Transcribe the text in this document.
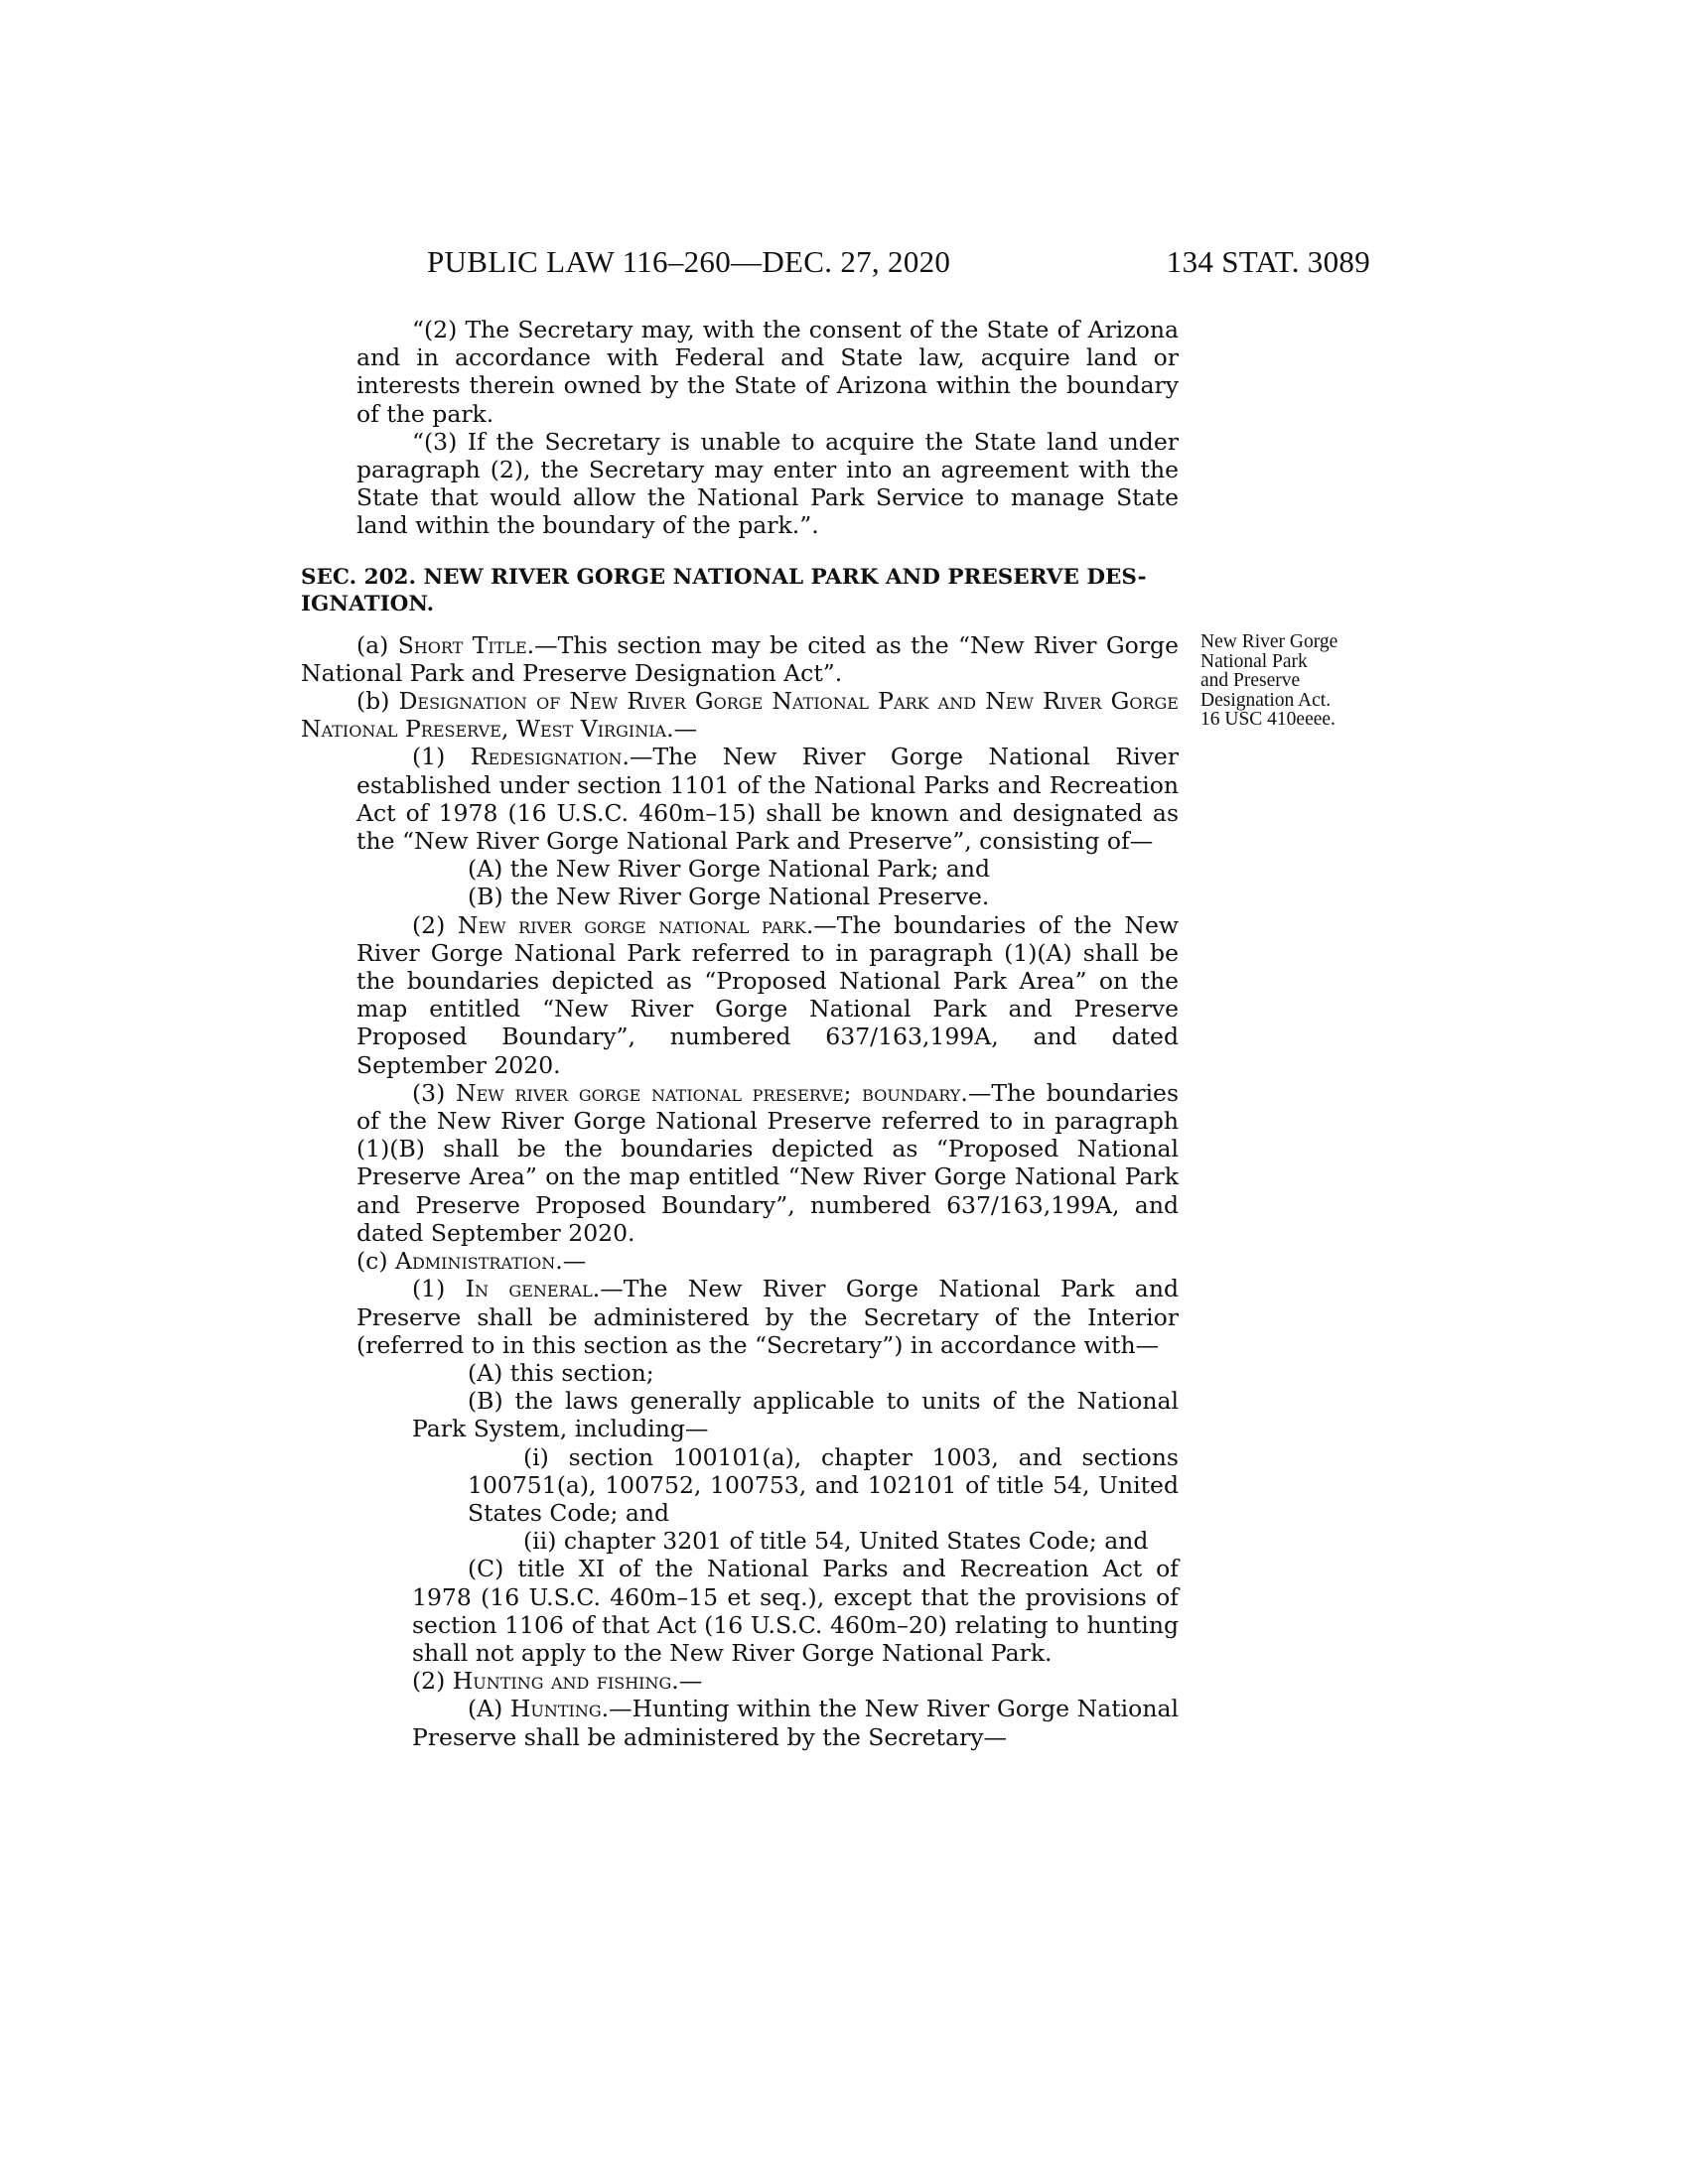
PUBLIC LAW 116–260—DEC. 27, 2020	134 STAT. 3089
New River Gorge
National Park
and Preserve
Designation Act.
16 USC 410eeee.

“(2) The Secretary may, with the consent of the State of Arizona and in accordance with Federal and State law, acquire land or interests therein owned by the State of Arizona within the boundary of the park.

“(3) If the Secretary is unable to acquire the State land under paragraph (2), the Secretary may enter into an agreement with the State that would allow the National Park Service to manage State land within the boundary of the park.”.

SEC. 202. NEW RIVER GORGE NATIONAL PARK AND PRESERVE DES-
IGNATION.

(a) Short Title.—This section may be cited as the “New River Gorge National Park and Preserve Designation Act”.

(b) Designation of New River Gorge National Park and New River Gorge National Preserve, West Virginia.—

(1) Redesignation.—The New River Gorge National River established under section 1101 of the National Parks and Recreation Act of 1978 (16 U.S.C. 460m–15) shall be known and designated as the “New River Gorge National Park and Preserve”, consisting of—

(A) the New River Gorge National Park; and

(B) the New River Gorge National Preserve.

(2) New river gorge national park.—The boundaries of the New River Gorge National Park referred to in paragraph (1)(A) shall be the boundaries depicted as “Proposed National Park Area” on the map entitled “New River Gorge National Park and Preserve Proposed Boundary”, numbered 637/163,199A, and dated September 2020.

(3) New river gorge national preserve; boundary.—The boundaries of the New River Gorge National Preserve referred to in paragraph (1)(B) shall be the boundaries depicted as “Proposed National Preserve Area” on the map entitled “New River Gorge National Park and Preserve Proposed Boundary”, numbered 637/163,199A, and dated September 2020.

(c) Administration.—

(1) In general.—The New River Gorge National Park and Preserve shall be administered by the Secretary of the Interior (referred to in this section as the “Secretary”) in accordance with—

(A) this section;

(B) the laws generally applicable to units of the National Park System, including—

(i) section 100101(a), chapter 1003, and sections 100751(a), 100752, 100753, and 102101 of title 54, United States Code; and

(ii) chapter 3201 of title 54, United States Code; and

(C) title XI of the National Parks and Recreation Act of 1978 (16 U.S.C. 460m–15 et seq.), except that the provisions of section 1106 of that Act (16 U.S.C. 460m–20) relating to hunting shall not apply to the New River Gorge National Park.

(2) Hunting and fishing.—

(A) Hunting.—Hunting within the New River Gorge National Preserve shall be administered by the Secretary—
